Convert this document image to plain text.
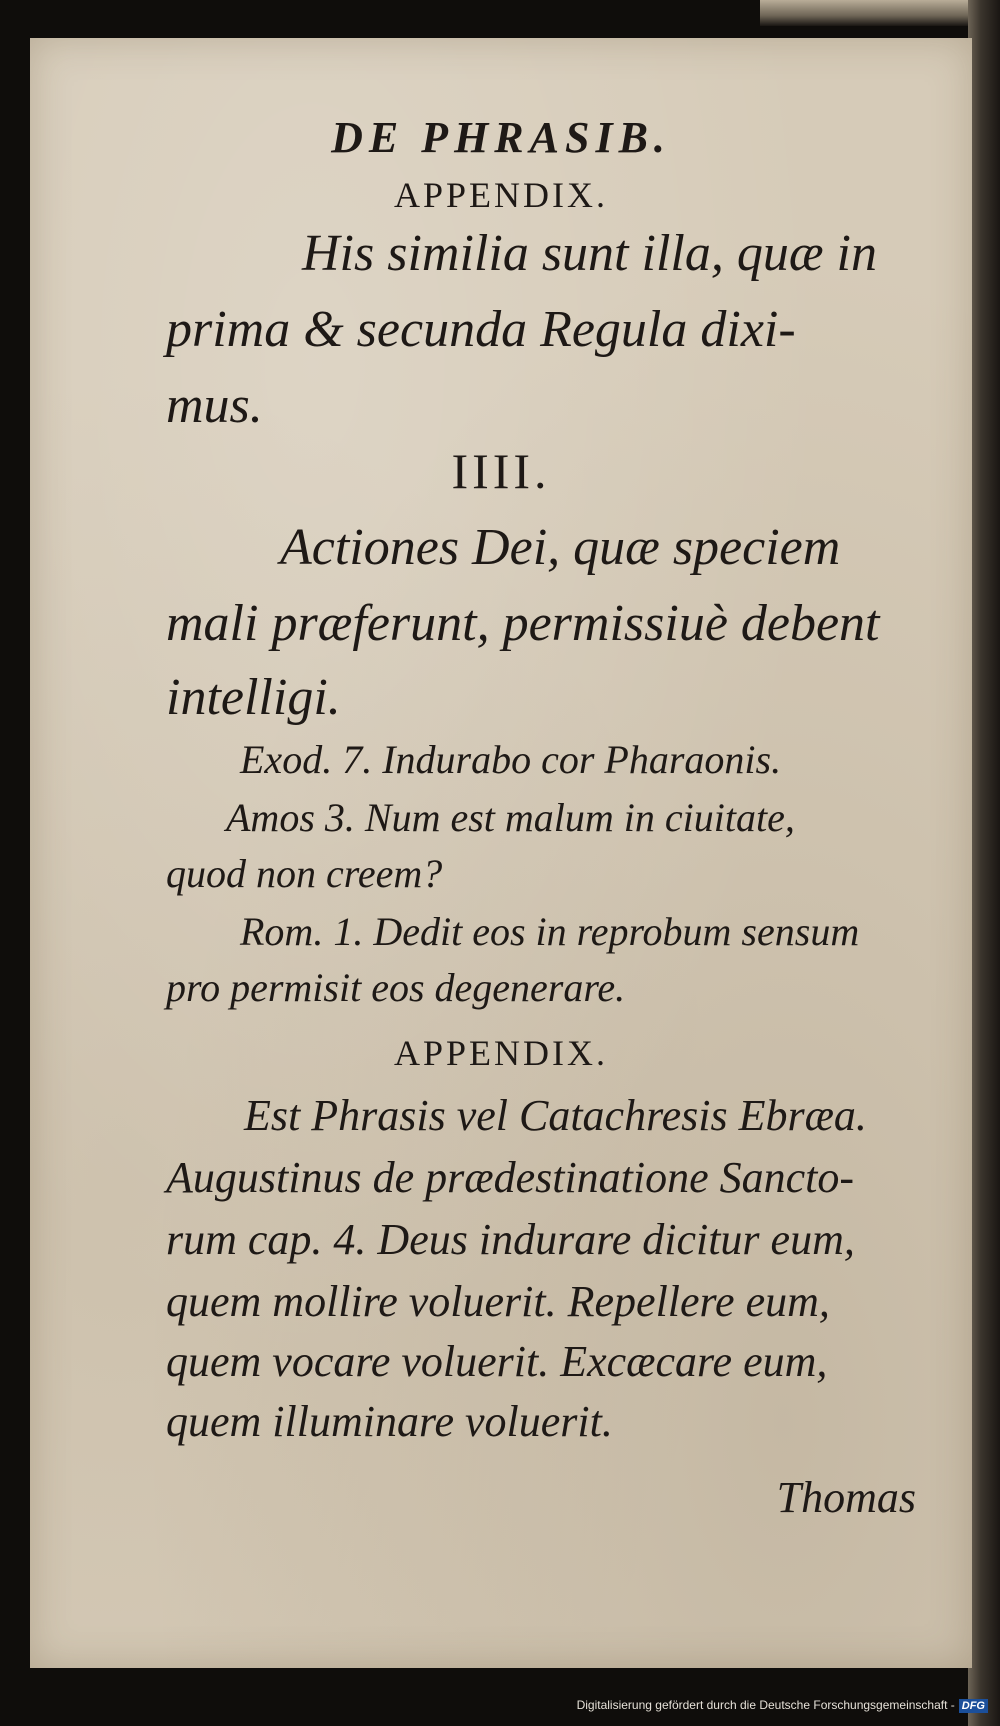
DE PHRASIB.

APPENDIX.

His similia sunt illa, quæ in

prima & secunda Regula dixi-

mus.

IIII.

Actiones Dei, quæ speciem

mali præferunt, permissiuè debent

intelligi.

Exod. 7. Indurabo cor Pharaonis.

Amos 3. Num est malum in ciuitate,

quod non creem?

Rom. 1. Dedit eos in reprobum sensum

pro permisit eos degenerare.

APPENDIX.

Est Phrasis vel Catachresis Ebræa.

Augustinus de prædestinatione Sancto-

rum cap. 4. Deus indurare dicitur eum,

quem mollire voluerit. Repellere eum,

quem vocare voluerit. Excæcare eum,

quem illuminare voluerit.

Thomas

Digitalisierung gefördert durch die Deutsche Forschungsgemeinschaft - DFG
